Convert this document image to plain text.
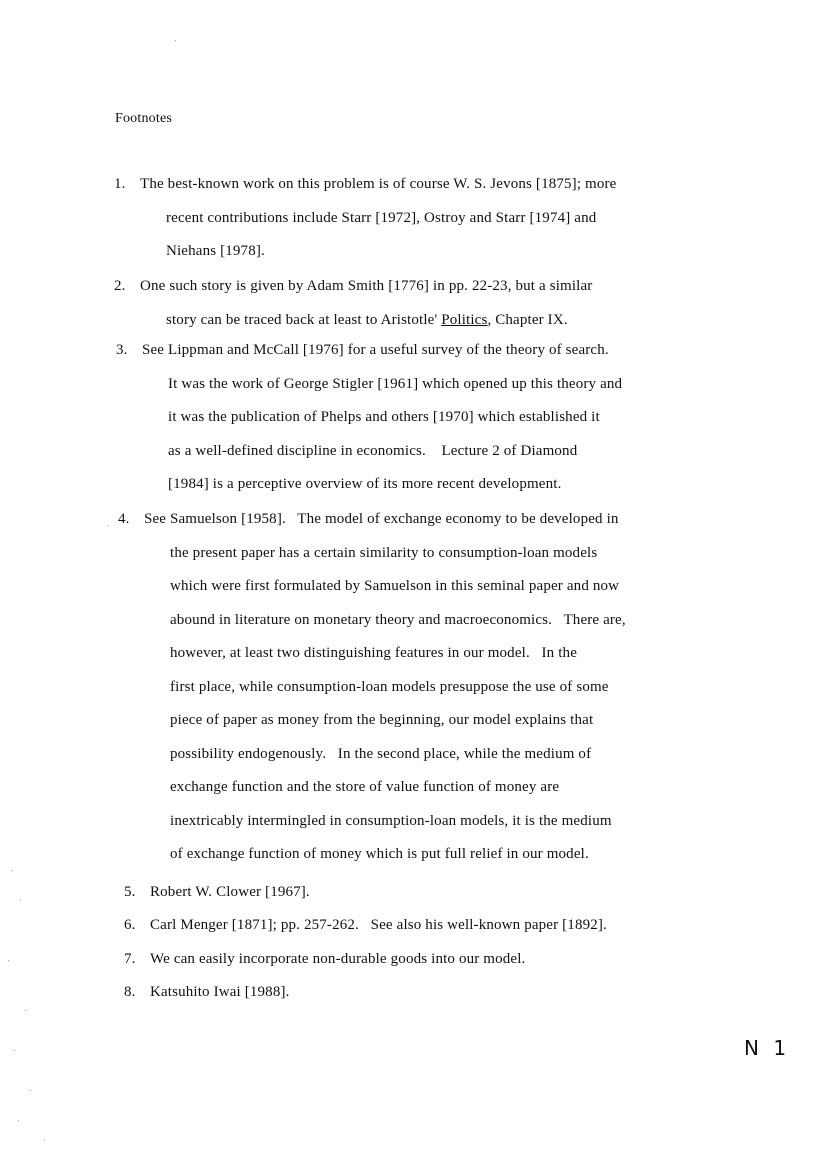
Footnotes
1. The best-known work on this problem is of course W. S. Jevons [1875]; more
recent contributions include Starr [1972], Ostroy and Starr [1974] and
Niehans [1978].
2. One such story is given by Adam Smith [1776] in pp. 22-23, but a similar
story can be traced back at least to Aristotle' Politics, Chapter IX.
3. See Lippman and McCall [1976] for a useful survey of the theory of search.
It was the work of George Stigler [1961] which opened up this theory and
it was the publication of Phelps and others [1970] which established it
as a well-defined discipline in economics.    Lecture 2 of Diamond
[1984] is a perceptive overview of its more recent development.
4. See Samuelson [1958].   The model of exchange economy to be developed in
the present paper has a certain similarity to consumption-loan models
which were first formulated by Samuelson in this seminal paper and now
abound in literature on monetary theory and macroeconomics.   There are,
however, at least two distinguishing features in our model.   In the
first place, while consumption-loan models presuppose the use of some
piece of paper as money from the beginning, our model explains that
possibility endogenously.   In the second place, while the medium of
exchange function and the store of value function of money are
inextricably intermingled in consumption-loan models, it is the medium
of exchange function of money which is put full relief in our model.
5. Robert W. Clower [1967].
6. Carl Menger [1871]; pp. 257-262.   See also his well-known paper [1892].
7. We can easily incorporate non-durable goods into our model.
8. Katsuhito Iwai [1988].
N 1
